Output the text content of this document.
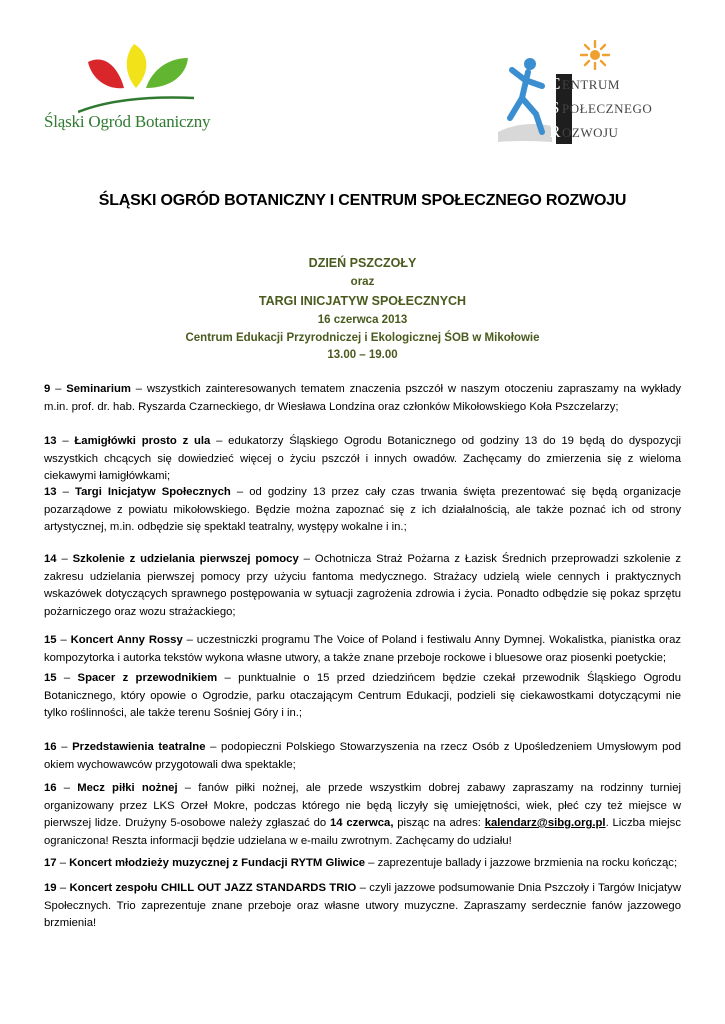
Śląski Ogród Botaniczny
CENTRUM
S POŁECZNEGO
ROZWOJU
ŚLĄSKI OGRÓD BOTANICZNY I CENTRUM SPOŁECZNEGO ROZWOJU
DZIEŃ PSZCZOŁY
oraz
TARGI INICJATYW SPOŁECZNYCH
16 czerwca 2013
Centrum Edukacji Przyrodniczej i Ekologicznej ŚOB w Mikołowie
13.00 – 19.00
9 – Seminarium – wszystkich zainteresowanych tematem znaczenia pszczół w naszym otoczeniu zapraszamy na wykłady m.in. prof. dr. hab. Ryszarda Czarneckiego, dr Wiesława Londzina oraz członków Mikołowskiego Koła Pszczelarzy;
13 – Łamigłówki prosto z ula – edukatorzy Śląskiego Ogrodu Botanicznego od godziny 13 do 19 będą do dyspozycji wszystkich chcących się dowiedzieć więcej o życiu pszczół i innych owadów. Zachęcamy do zmierzenia się z wieloma ciekawymi łamigłówkami;
13 – Targi Inicjatyw Społecznych – od godziny 13 przez cały czas trwania święta prezentować się będą organizacje pozarządowe z powiatu mikołowskiego. Będzie można zapoznać się z ich działalnością, ale także poznać ich od strony artystycznej, m.in. odbędzie się spektakl teatralny, występy wokalne i in.;
14 – Szkolenie z udzielania pierwszej pomocy – Ochotnicza Straż Pożarna z Łazisk Średnich przeprowadzi szkolenie z zakresu udzielania pierwszej pomocy przy użyciu fantoma medycznego. Strażacy udzielą wiele cennych i praktycznych wskazówek dotyczących sprawnego postępowania w sytuacji zagrożenia zdrowia i życia. Ponadto odbędzie się pokaz sprzętu pożarniczego oraz wozu strażackiego;
15 – Koncert Anny Rossy – uczestniczki programu The Voice of Poland i festiwalu Anny Dymnej. Wokalistka, pianistka oraz kompozytorka i autorka tekstów wykona własne utwory, a także znane przeboje rockowe i bluesowe oraz piosenki poetyckie;
15 – Spacer z przewodnikiem – punktualnie o 15 przed dziedzińcem będzie czekał przewodnik Śląskiego Ogrodu Botanicznego, który opowie o Ogrodzie, parku otaczającym Centrum Edukacji, podzieli się ciekawostkami dotyczącymi nie tylko roślinności, ale także terenu Sośniej Góry i in.;
16 – Przedstawienia teatralne – podopieczni Polskiego Stowarzyszenia na rzecz Osób z Upośledzeniem Umysłowym pod okiem wychowawców przygotowali dwa spektakle;
16 – Mecz piłki nożnej – fanów piłki nożnej, ale przede wszystkim dobrej zabawy zapraszamy na rodzinny turniej organizowany przez LKS Orzeł Mokre, podczas którego nie będą liczyły się umiejętności, wiek, płeć czy też miejsce w pierwszej lidze. Drużyny 5-osobowe należy zgłaszać do 14 czerwca, pisząc na adres: kalendarz@sibg.org.pl. Liczba miejsc ograniczona! Reszta informacji będzie udzielana w e-mailu zwrotnym. Zachęcamy do udziału!
17 – Koncert młodzieży muzycznej z Fundacji RYTM Gliwice – zaprezentuje ballady i jazzowe brzmienia na rocku kończąc;
19 – Koncert zespołu CHILL OUT JAZZ STANDARDS TRIO – czyli jazzowe podsumowanie Dnia Pszczoły i Targów Inicjatyw Społecznych. Trio zaprezentuje znane przeboje oraz własne utwory muzyczne. Zapraszamy serdecznie fanów jazzowego brzmienia!
